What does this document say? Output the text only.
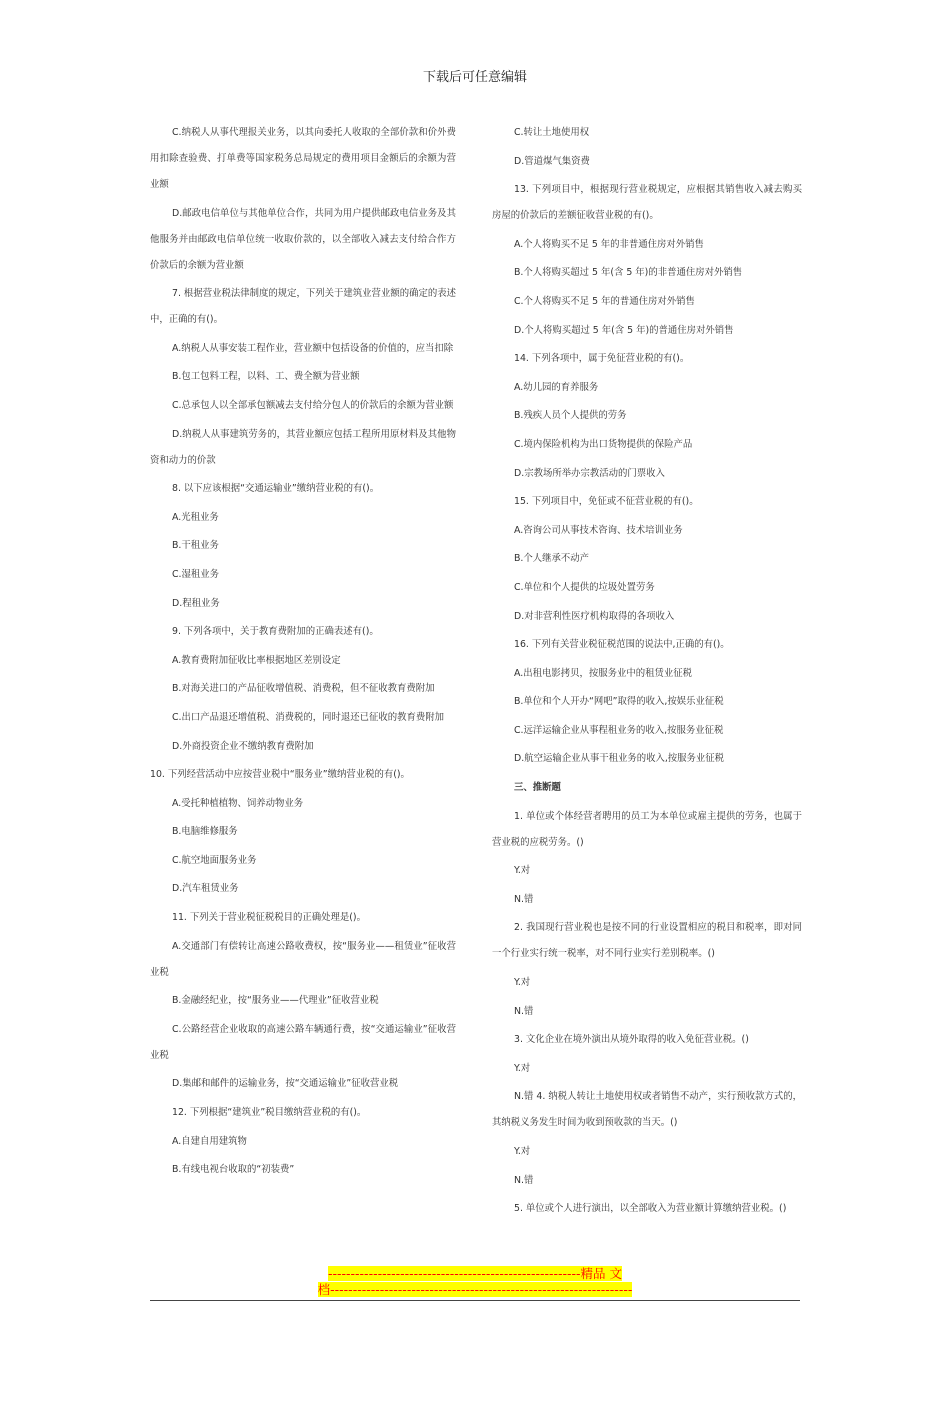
下载后可任意编辑

C.纳税人从事代理报关业务，以其向委托人收取的全部价款和价外费用扣除查验费、打单费等国家税务总局规定的费用项目金额后的余额为营 业额

D.邮政电信单位与其他单位合作，共同为用户提供邮政电信业务及其他服务并由邮政电信单位统一收取价款的，以全部收入减去支付给合作方 价款后的余额为营业额

7. 根据营业税法律制度的规定，下列关于建筑业营业额的确定的表述中，正确的有()。

A.纳税人从事安装工程作业，营业额中包括设备的价值的，应当扣除

B.包工包料工程，以料、工、费全额为营业额

C.总承包人以全部承包额减去支付给分包人的价款后的余额为营业额

D.纳税人从事建筑劳务的，其营业额应包括工程所用原材料及其他物资和动力的价款

8. 以下应该根据“交通运输业”缴纳营业税的有()。

A.光租业务

B.干租业务

C.湿租业务

D.程租业务

9. 下列各项中，关于教育费附加的正确表述有()。

A.教育费附加征收比率根据地区差别设定

B.对海关进口的产品征收增值税、消费税，但不征收教育费附加

C.出口产品退还增值税、消费税的，同时退还已征收的教育费附加

D.外商投资企业不缴纳教育费附加

10. 下列经营活动中应按营业税中“服务业”缴纳营业税的有()。

A.受托种植植物、饲养动物业务

B.电脑维修服务

C.航空地面服务业务

D.汽车租赁业务

11. 下列关于营业税征税税目的正确处理是()。

A.交通部门有偿转让高速公路收费权，按“服务业——租赁业”征收营业税

B.金融经纪业，按“服务业——代理业”征收营业税

C.公路经营企业收取的高速公路车辆通行费，按“交通运输业”征收营业税

D.集邮和邮件的运输业务，按“交通运输业”征收营业税

12. 下列根据“建筑业”税目缴纳营业税的有()。

A.自建自用建筑物

B.有线电视台收取的“初装费”

C.转让土地使用权

D.管道煤气集资费

13. 下列项目中，根据现行营业税规定，应根据其销售收入减去购买房屋的价款后的差额征收营业税的有()。

A.个人将购买不足 5 年的非普通住房对外销售

B.个人将购买超过 5 年(含 5 年)的非普通住房对外销售

C.个人将购买不足 5 年的普通住房对外销售

D.个人将购买超过 5 年(含 5 年)的普通住房对外销售

14. 下列各项中，属于免征营业税的有()。

A.幼儿园的育养服务

B.残疾人员个人提供的劳务

C.境内保险机构为出口货物提供的保险产品

D.宗教场所举办宗教活动的门票收入

15. 下列项目中，免征或不征营业税的有()。

A.咨询公司从事技术咨询、技术培训业务

B.个人继承不动产

C.单位和个人提供的垃圾处置劳务

D.对非营利性医疗机构取得的各项收入

16. 下列有关营业税征税范围的说法中,正确的有()。

A.出租电影拷贝，按服务业中的租赁业征税

B.单位和个人开办“网吧”取得的收入,按娱乐业征税

C.远洋运输企业从事程租业务的收入,按服务业征税

D.航空运输企业从事干租业务的收入,按服务业征税

三、推断题

1. 单位或个体经营者聘用的员工为本单位或雇主提供的劳务，也属于营业税的应税劳务。()

Y.对

N.错

2. 我国现行营业税也是按不同的行业设置相应的税目和税率，即对同一个行业实行统一税率，对不同行业实行差别税率。()

Y.对

N.错

3. 文化企业在境外演出从境外取得的收入免征营业税。()

Y.对

N.错 4. 纳税人转让土地使用权或者销售不动产，实行预收款方式的，其纳税义务发生时间为收到预收款的当天。()

Y.对

N.错

5. 单位或个人进行演出，以全部收入为营业额计算缴纳营业税。()

--------------------------------------------------------精品 文
档-------------------------------------------------------------------
